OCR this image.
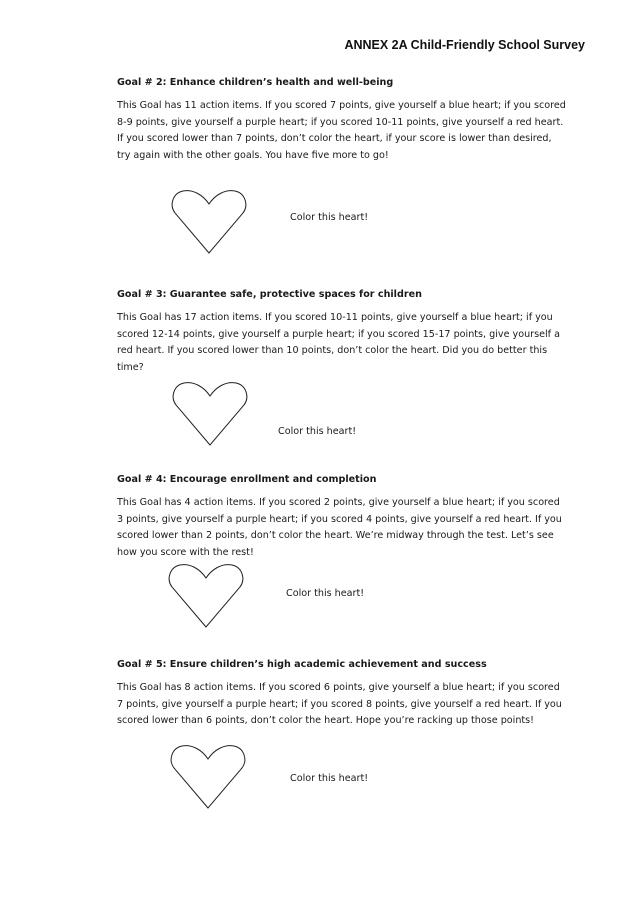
ANNEX 2A Child-Friendly School Survey
Goal # 2: Enhance children’s health and well-being

This Goal has 11 action items. If you scored 7 points, give yourself a blue heart; if you scored 8-9 points, give yourself a purple heart; if you scored 10-11 points, give yourself a red heart. If you scored lower than 7 points, don’t color the heart, if your score is lower than desired, try again with the other goals. You have five more to go!

Color this heart!
Goal # 3: Guarantee safe, protective spaces for children

This Goal has 17 action items. If you scored 10-11 points, give yourself a blue heart; if you scored 12-14 points, give yourself a purple heart; if you scored 15-17 points, give yourself a red heart. If you scored lower than 10 points, don’t color the heart. Did you do better this time?

Color this heart!
Goal # 4: Encourage enrollment and completion

This Goal has 4 action items. If you scored 2 points, give yourself a blue heart; if you scored 3 points, give yourself a purple heart; if you scored 4 points, give yourself a red heart. If you scored lower than 2 points, don’t color the heart. We’re midway through the test. Let’s see how you score with the rest!

Color this heart!
Goal # 5: Ensure children’s high academic achievement and success

This Goal has 8 action items. If you scored 6 points, give yourself a blue heart; if you scored 7 points, give yourself a purple heart; if you scored 8 points, give yourself a red heart. If you scored lower than 6 points, don’t color the heart. Hope you’re racking up those points!

Color this heart!
